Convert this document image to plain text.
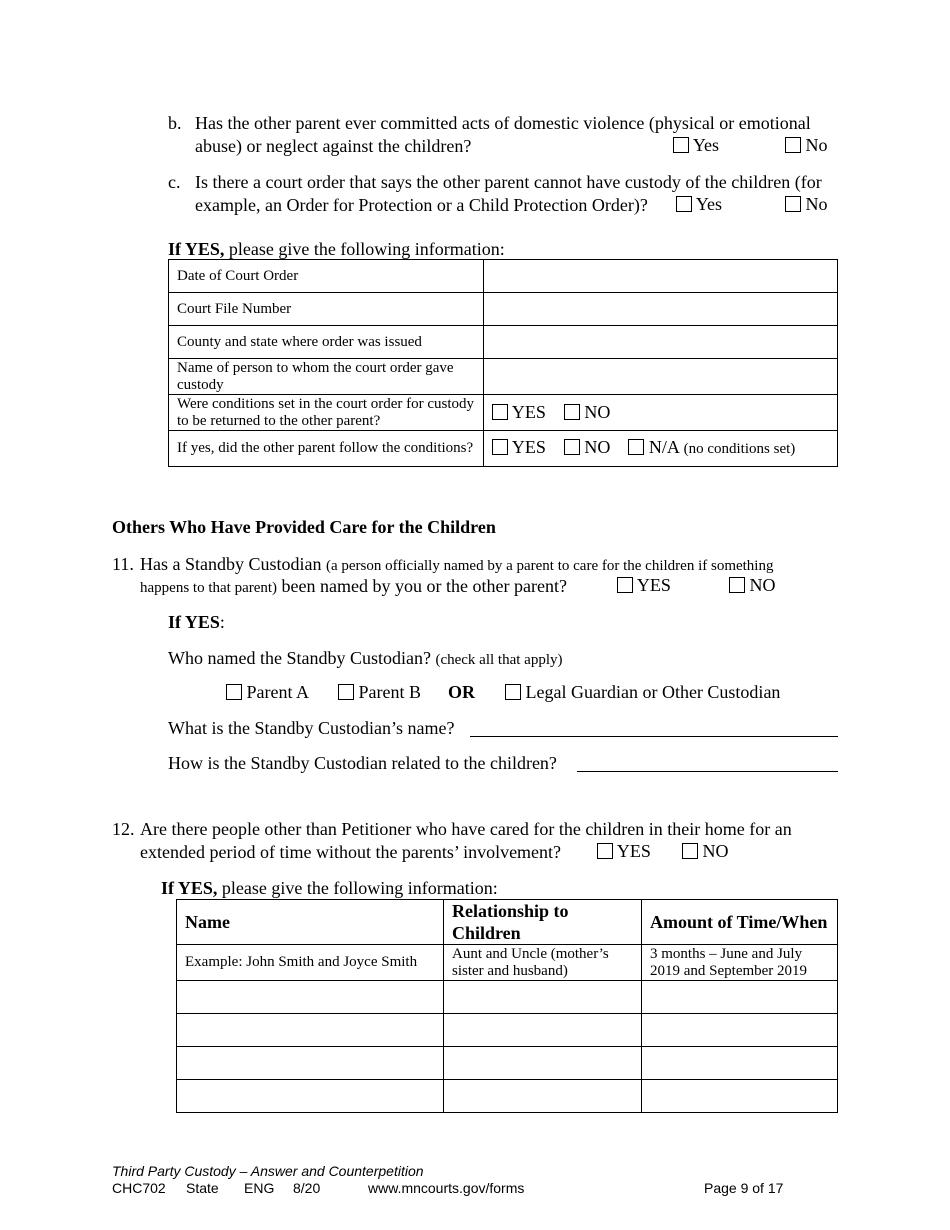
b. Has the other parent ever committed acts of domestic violence (physical or emotional
abuse) or neglect against the children?	Yes	No
c. Is there a court order that says the other parent cannot have custody of the children (for
example, an Order for Protection or a Child Protection Order)?	Yes	No
If YES, please give the following information:
Date of Court Order	
Court File Number	
County and state where order was issued	
Name of person to whom the court order gave custody	
Were conditions set in the court order for custody to be returned to the other parent?	YES NO
If yes, did the other parent follow the conditions?	YES NO N/A (no conditions set)
Others Who Have Provided Care for the Children
11. Has a Standby Custodian (a person officially named by a parent to care for the children if something
happens to that parent) been named by you or the other parent?	YES	NO
If YES:
Who named the Standby Custodian? (check all that apply)
Parent A	Parent B OR	Legal Guardian or Other Custodian
What is the Standby Custodian’s name?
How is the Standby Custodian related to the children?
12. Are there people other than Petitioner who have cared for the children in their home for an
extended period of time without the parents’ involvement?	YES	NO
If YES, please give the following information:
Name	Relationship to Children	Amount of Time/When
Example: John Smith and Joyce Smith	Aunt and Uncle (mother’s sister and husband)	3 months – June and July 2019 and September 2019

Third Party Custody – Answer and Counterpetition
CHC702 State ENG 8/20	www.mncourts.gov/forms	Page 9 of 17
